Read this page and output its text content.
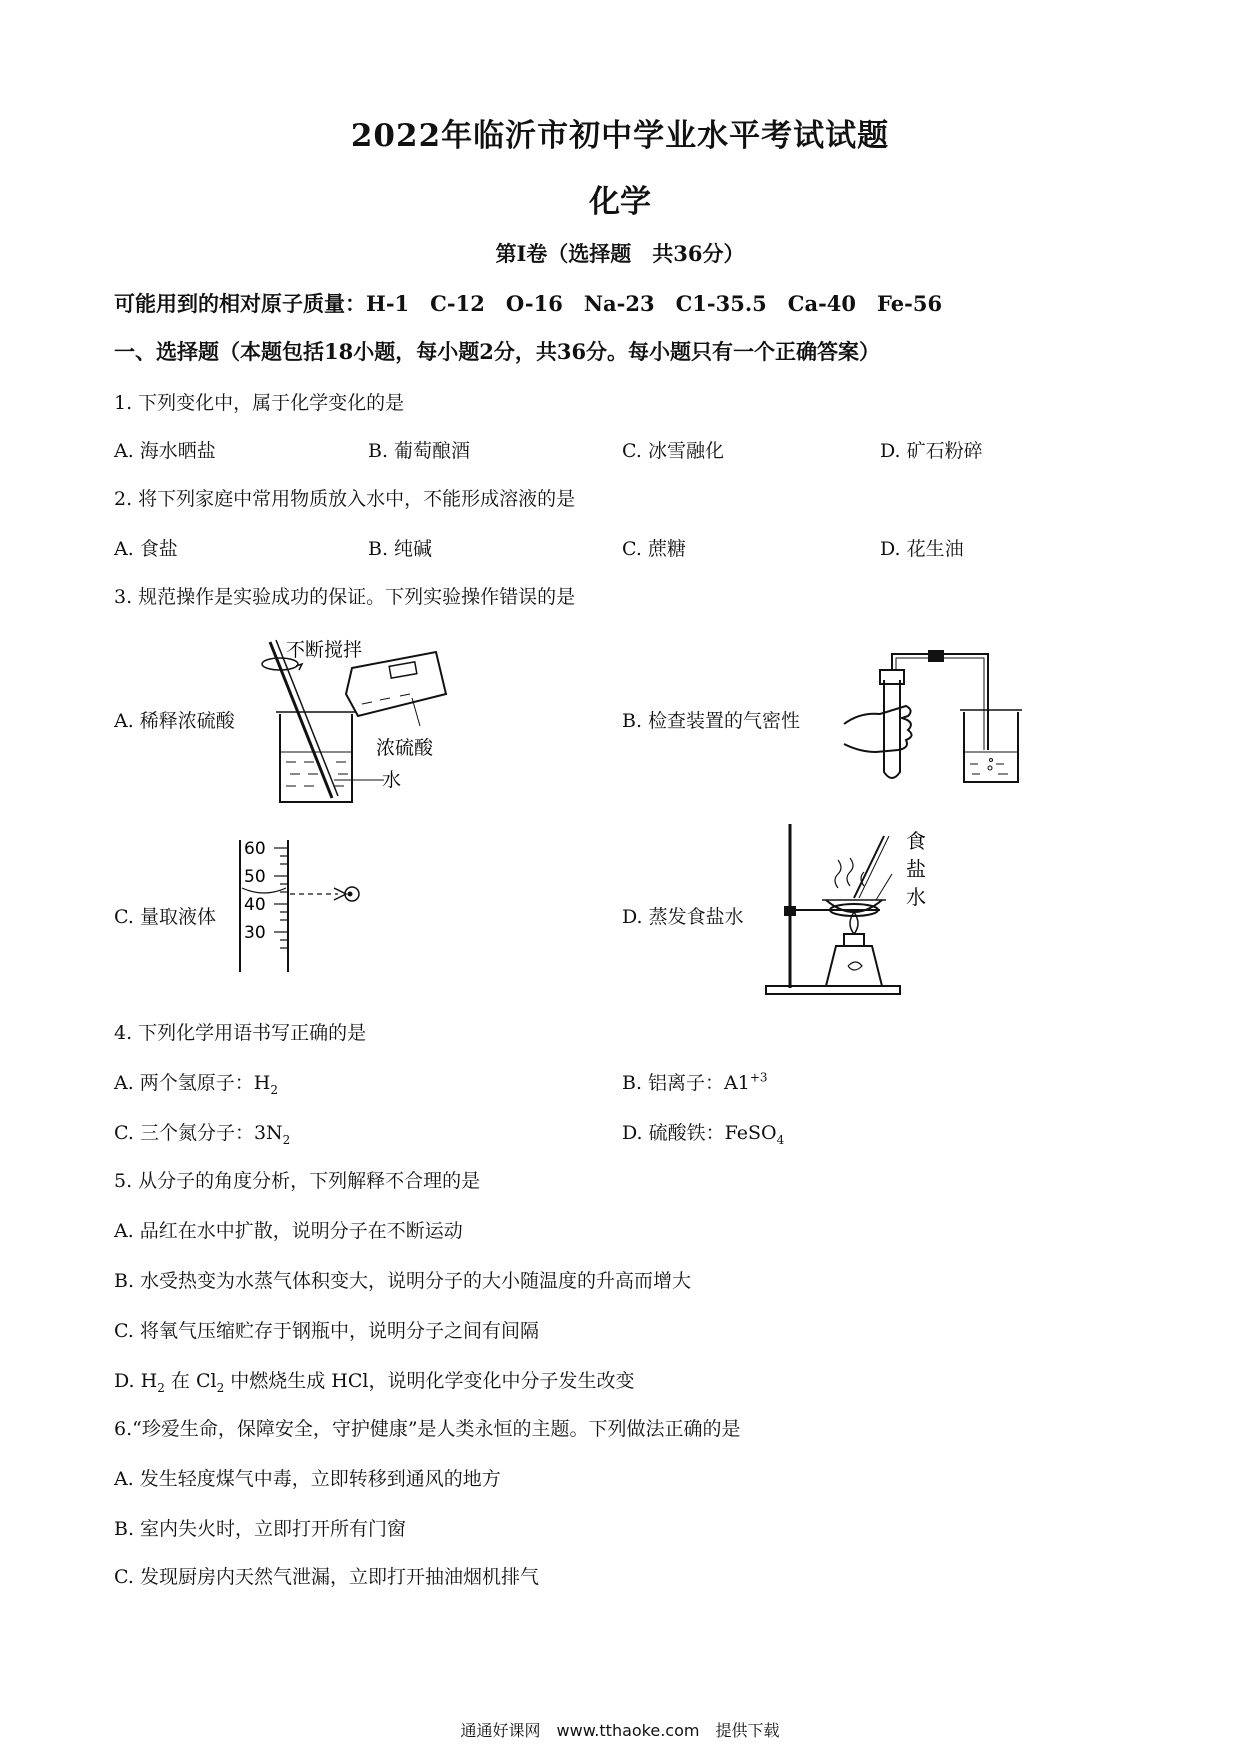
2022年临沂市初中学业水平考试试题
化学
第I卷（选择题　共36分）
可能用到的相对原子质量：H-1　C-12　O-16　Na-23　C1-35.5　Ca-40　Fe-56
一、选择题（本题包括18小题，每小题2分，共36分。每小题只有一个正确答案）
1. 下列变化中，属于化学变化的是
A. 海水晒盐	B. 葡萄酿酒	C. 冰雪融化	D. 矿石粉碎
2. 将下列家庭中常用物质放入水中，不能形成溶液的是
A. 食盐	B. 纯碱	C. 蔗糖	D. 花生油
3. 规范操作是实验成功的保证。下列实验操作错误的是
A. 稀释浓硫酸	B. 检查装置的气密性
C. 量取液体	D. 蒸发食盐水
不断搅拌
浓硫酸
水
60
50
40
30
食
盐
水
4. 下列化学用语书写正确的是
A. 两个氢原子：$H_2$	B. 铝离子：$A1^{+3}$
C. 三个氮分子：$3N_2$	D. 硫酸铁：FeSO$_4$
5. 从分子的角度分析，下列解释不合理的是
A. 品红在水中扩散，说明分子在不断运动
B. 水受热变为水蒸气体积变大，说明分子的大小随温度的升高而增大
C. 将氧气压缩贮存于钢瓶中，说明分子之间有间隔
D. $H_2$ 在 $Cl_2$ 中燃烧生成 HCl，说明化学变化中分子发生改变
6.“珍爱生命，保障安全，守护健康”是人类永恒的主题。下列做法正确的是
A. 发生轻度煤气中毒，立即转移到通风的地方
B. 室内失火时，立即打开所有门窗
C. 发现厨房内天然气泄漏，立即打开抽油烟机排气
通通好课网　www.tthaoke.com　提供下载
